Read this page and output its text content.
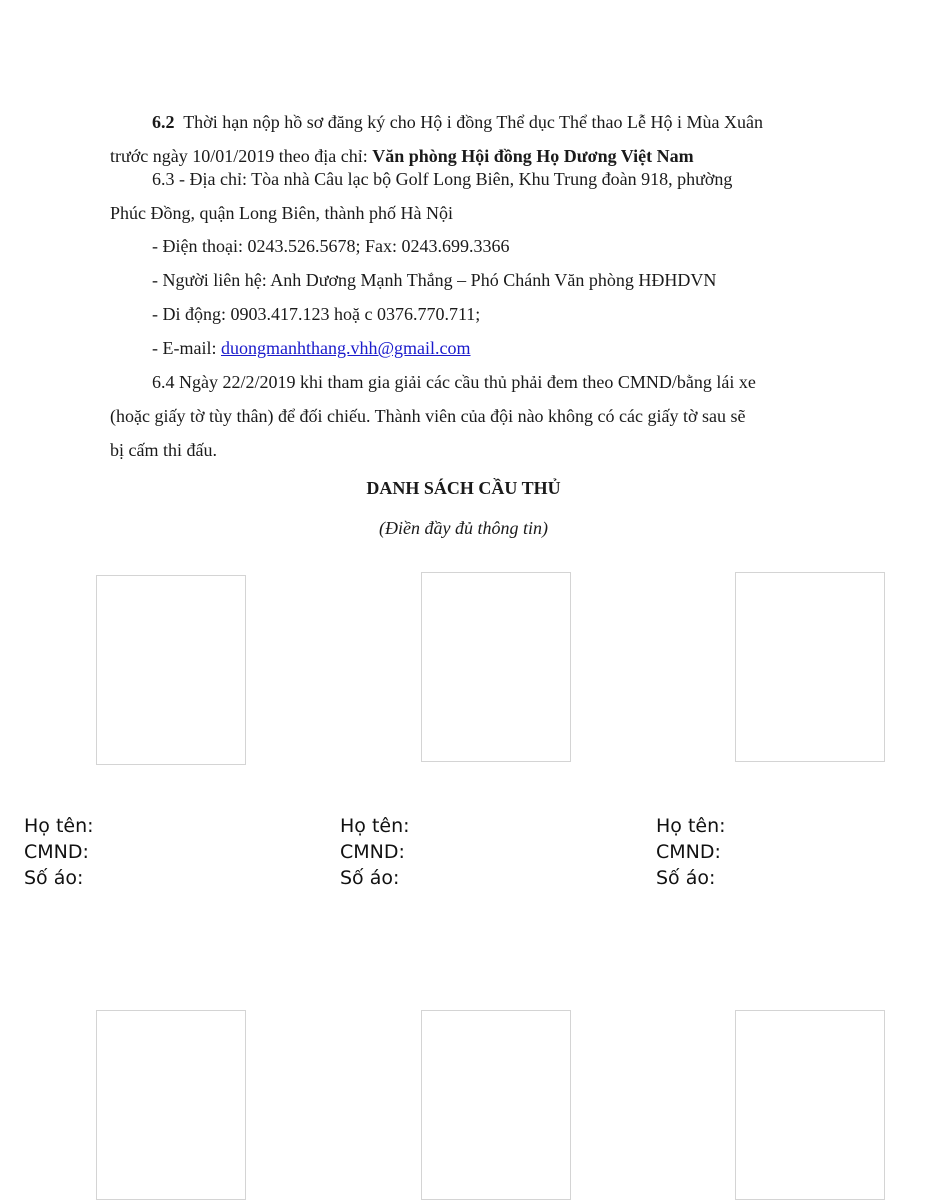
6.2 Thời hạn nộp hồ sơ đăng ký cho Hộ i đồng Thể dục Thể thao Lễ Hộ i Mùa Xuân
trước ngày 10/01/2019 theo địa chỉ: Văn phòng Hội đồng Họ Dương Việt Nam
6.3 - Địa chỉ: Tòa nhà Câu lạc bộ Golf Long Biên, Khu Trung đoàn 918, phường
Phúc Đồng, quận Long Biên, thành phố Hà Nội
- Điện thoại: 0243.526.5678; Fax: 0243.699.3366
- Người liên hệ: Anh Dương Mạnh Thắng – Phó Chánh Văn phòng HĐHDVN
- Di động: 0903.417.123 hoặ c 0376.770.711;
- E-mail: duongmanhthang.vhh@gmail.com
6.4 Ngày 22/2/2019 khi tham gia giải các cầu thủ phải đem theo CMND/bằng lái xe
(hoặc giấy tờ tùy thân) để đối chiếu. Thành viên của đội nào không có các giấy tờ sau sẽ
bị cấm thi đấu.
DANH SÁCH CẦU THỦ
(Điền đầy đủ thông tin)
Họ tên:
CMND:
Số áo:
Họ tên:
CMND:
Số áo:
Họ tên:
CMND:
Số áo:
